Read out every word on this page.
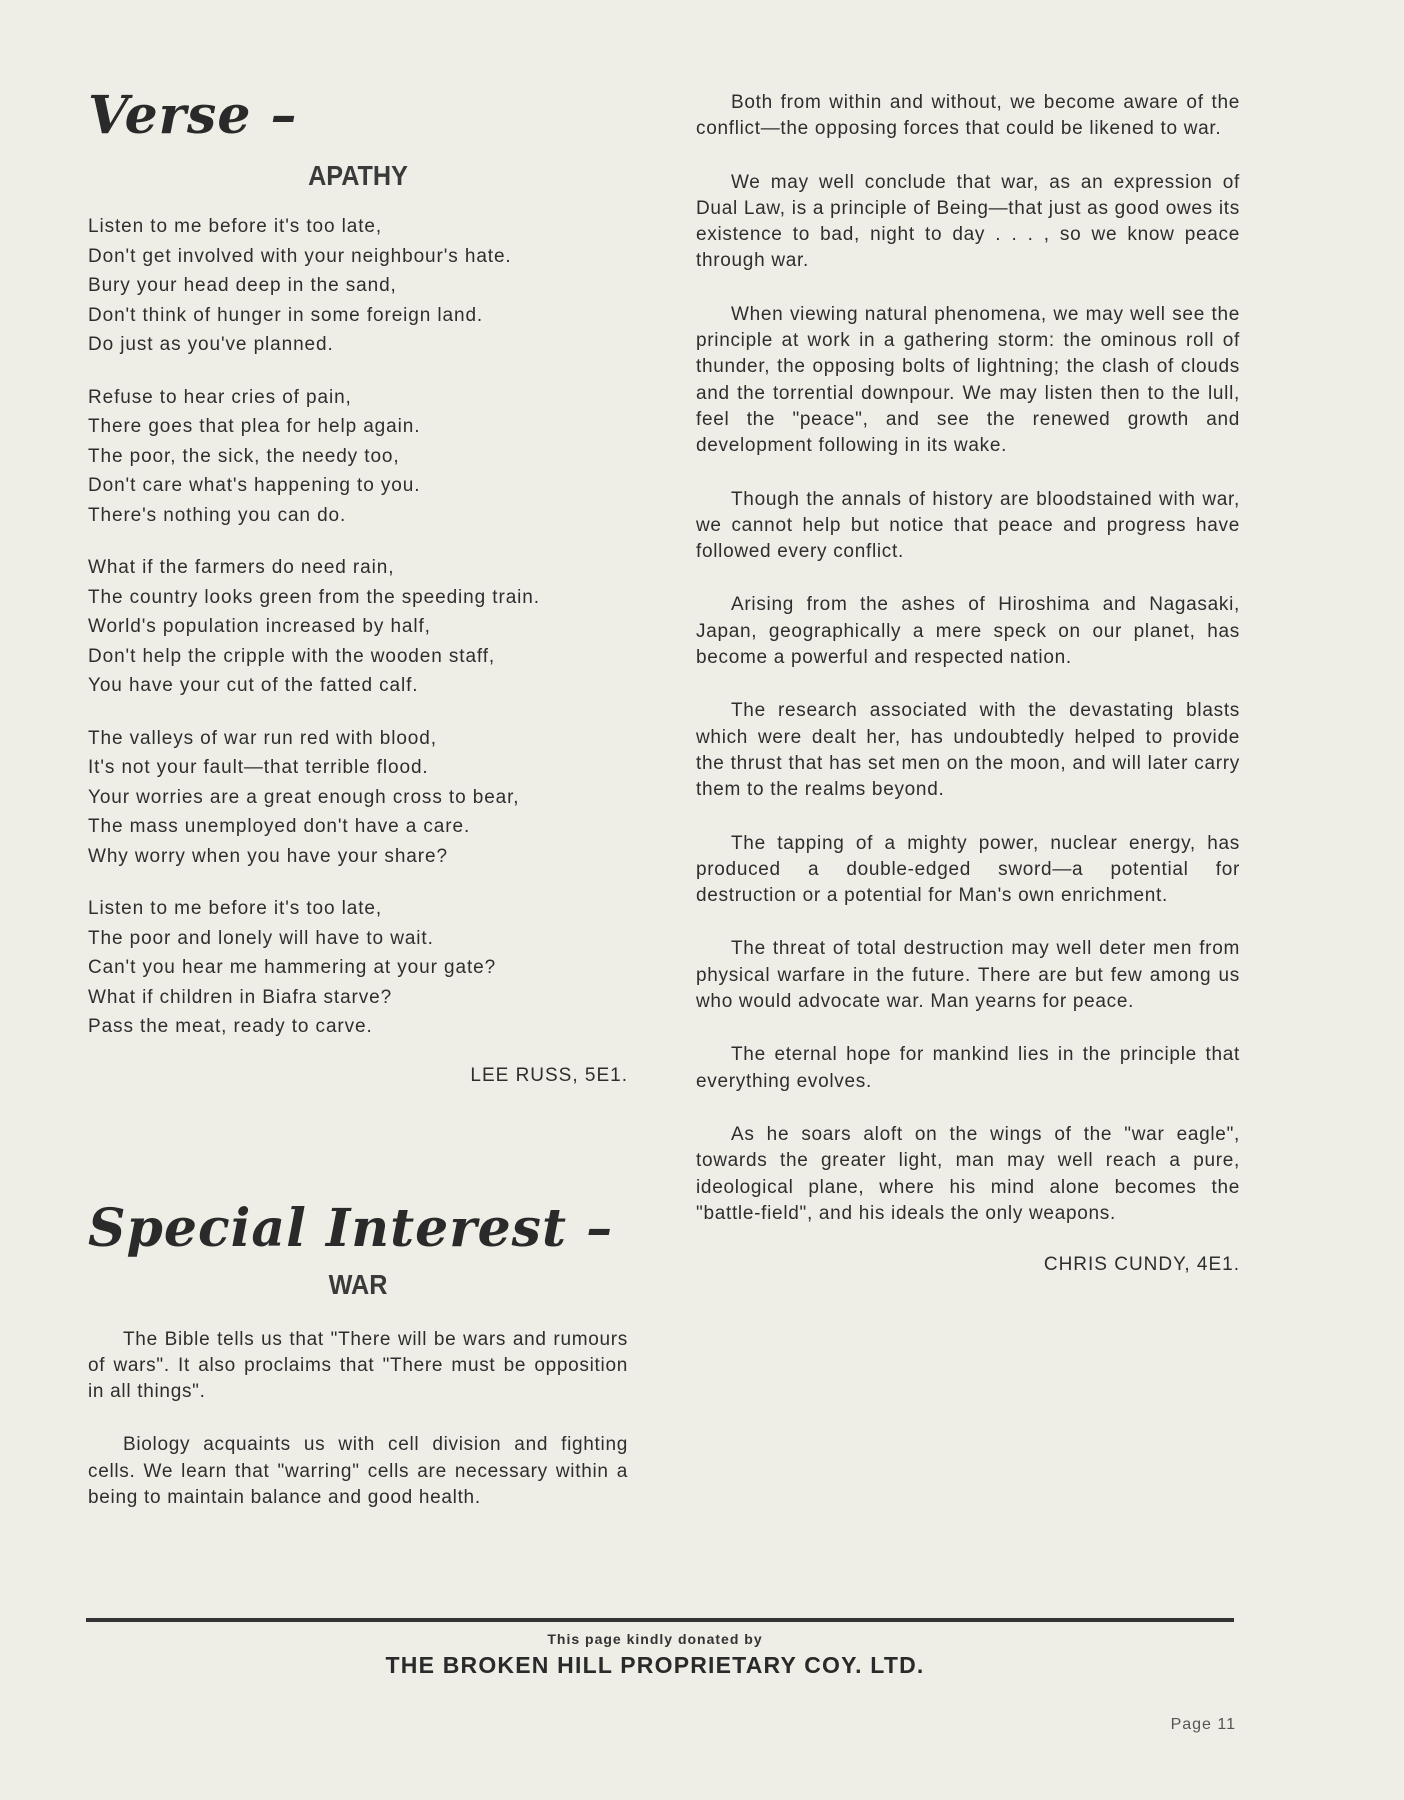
Verse –
APATHY
Listen to me before it's too late,
Don't get involved with your neighbour's hate.
Bury your head deep in the sand,
Don't think of hunger in some foreign land.
Do just as you've planned.
Refuse to hear cries of pain,
There goes that plea for help again.
The poor, the sick, the needy too,
Don't care what's happening to you.
There's nothing you can do.
What if the farmers do need rain,
The country looks green from the speeding train.
World's population increased by half,
Don't help the cripple with the wooden staff,
You have your cut of the fatted calf.
The valleys of war run red with blood,
It's not your fault—that terrible flood.
Your worries are a great enough cross to bear,
The mass unemployed don't have a care.
Why worry when you have your share?
Listen to me before it's too late,
The poor and lonely will have to wait.
Can't you hear me hammering at your gate?
What if children in Biafra starve?
Pass the meat, ready to carve.
LEE RUSS, 5E1.
Special Interest –
WAR

The Bible tells us that "There will be wars and rumours of wars". It also proclaims that "There must be opposition in all things".

Biology acquaints us with cell division and fighting cells. We learn that "warring" cells are necessary within a being to maintain balance and good health.

Both from within and without, we become aware of the conflict—the opposing forces that could be likened to war.

We may well conclude that war, as an expression of Dual Law, is a principle of Being—that just as good owes its existence to bad, night to day . . . , so we know peace through war.

When viewing natural phenomena, we may well see the principle at work in a gathering storm: the ominous roll of thunder, the opposing bolts of lightning; the clash of clouds and the torrential downpour. We may listen then to the lull, feel the "peace", and see the renewed growth and development following in its wake.

Though the annals of history are bloodstained with war, we cannot help but notice that peace and progress have followed every conflict.

Arising from the ashes of Hiroshima and Nagasaki, Japan, geographically a mere speck on our planet, has become a powerful and respected nation.

The research associated with the devastating blasts which were dealt her, has undoubtedly helped to provide the thrust that has set men on the moon, and will later carry them to the realms beyond.

The tapping of a mighty power, nuclear energy, has produced a double-edged sword—a potential for destruction or a potential for Man's own enrichment.

The threat of total destruction may well deter men from physical warfare in the future. There are but few among us who would advocate war. Man yearns for peace.

The eternal hope for mankind lies in the principle that everything evolves.

As he soars aloft on the wings of the "war eagle", towards the greater light, man may well reach a pure, ideological plane, where his mind alone becomes the "battle-field", and his ideals the only weapons.

CHRIS CUNDY, 4E1.
This page kindly donated by
THE BROKEN HILL PROPRIETARY COY. LTD.
Page 11
